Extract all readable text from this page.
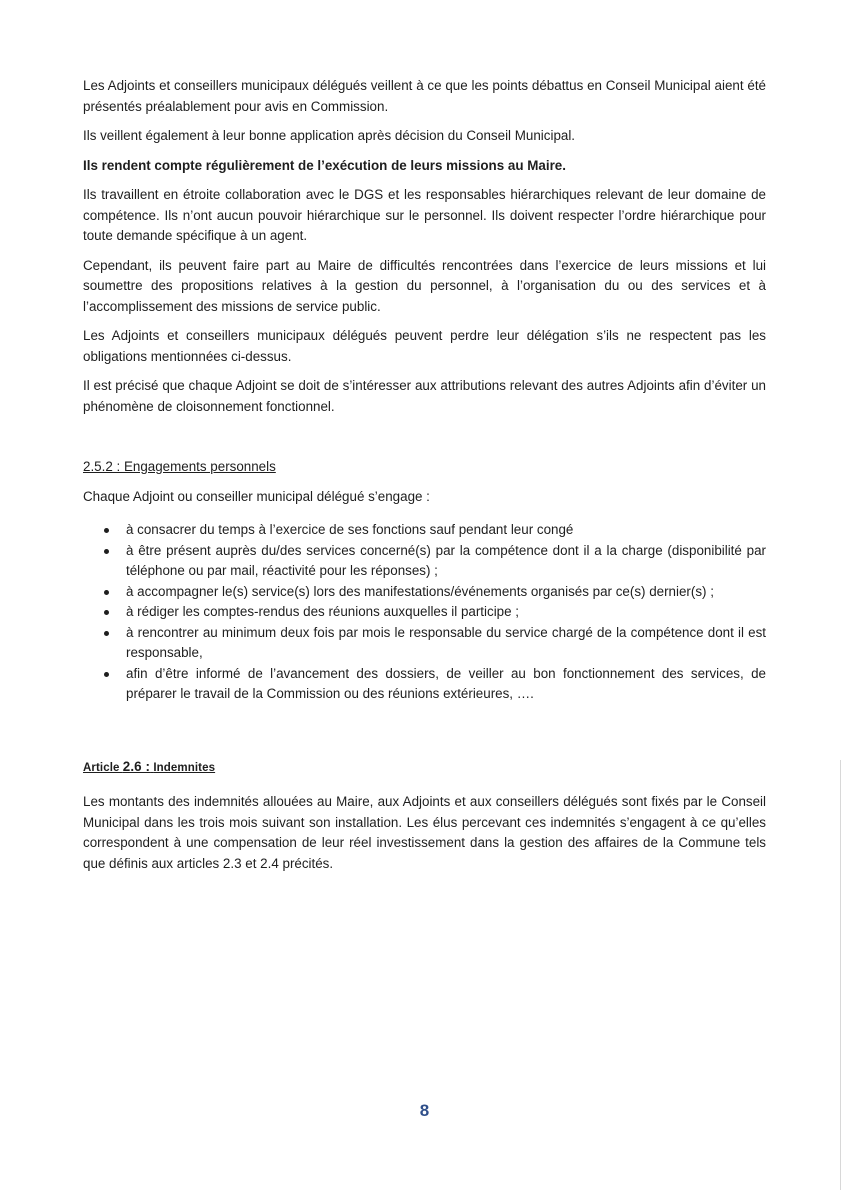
Les Adjoints et conseillers municipaux délégués veillent à ce que les points débattus en Conseil Municipal aient été présentés préalablement pour avis en Commission.

Ils veillent également à leur bonne application après décision du Conseil Municipal.

Ils rendent compte régulièrement de l’exécution de leurs missions au Maire.

Ils travaillent en étroite collaboration avec le DGS et les responsables hiérarchiques relevant de leur domaine de compétence. Ils n’ont aucun pouvoir hiérarchique sur le personnel. Ils doivent respecter l’ordre hiérarchique pour toute demande spécifique à un agent.

Cependant, ils peuvent faire part au Maire de difficultés rencontrées dans l’exercice de leurs missions et lui soumettre des propositions relatives à la gestion du personnel, à l’organisation du ou des services et à l’accomplissement des missions de service public.

Les Adjoints et conseillers municipaux délégués peuvent perdre leur délégation s’ils ne respectent pas les obligations mentionnées ci-dessus.

Il est précisé que chaque Adjoint se doit de s’intéresser aux attributions relevant des autres Adjoints afin d’éviter un phénomène de cloisonnement fonctionnel.

2.5.2 : Engagements personnels

Chaque Adjoint ou conseiller municipal délégué s’engage :

à consacrer du temps à l’exercice de ses fonctions sauf pendant leur congé
à être présent auprès du/des services concerné(s) par la compétence dont il a la charge (disponibilité par téléphone ou par mail, réactivité pour les réponses) ;
à accompagner le(s) service(s) lors des manifestations/événements organisés par ce(s) dernier(s) ;
à rédiger les comptes-rendus des réunions auxquelles il participe ;
à rencontrer au minimum deux fois par mois le responsable du service chargé de la compétence dont il est responsable,
afin d’être informé de l’avancement des dossiers, de veiller au bon fonctionnement des services, de préparer le travail de la Commission ou des réunions extérieures, ….

Article 2.6 : Indemnites

Les montants des indemnités allouées au Maire, aux Adjoints et aux conseillers délégués sont fixés par le Conseil Municipal dans les trois mois suivant son installation. Les élus percevant ces indemnités s’engagent à ce qu’elles correspondent à une compensation de leur réel investissement dans la gestion des affaires de la Commune tels que définis aux articles 2.3 et 2.4 précités.

8
